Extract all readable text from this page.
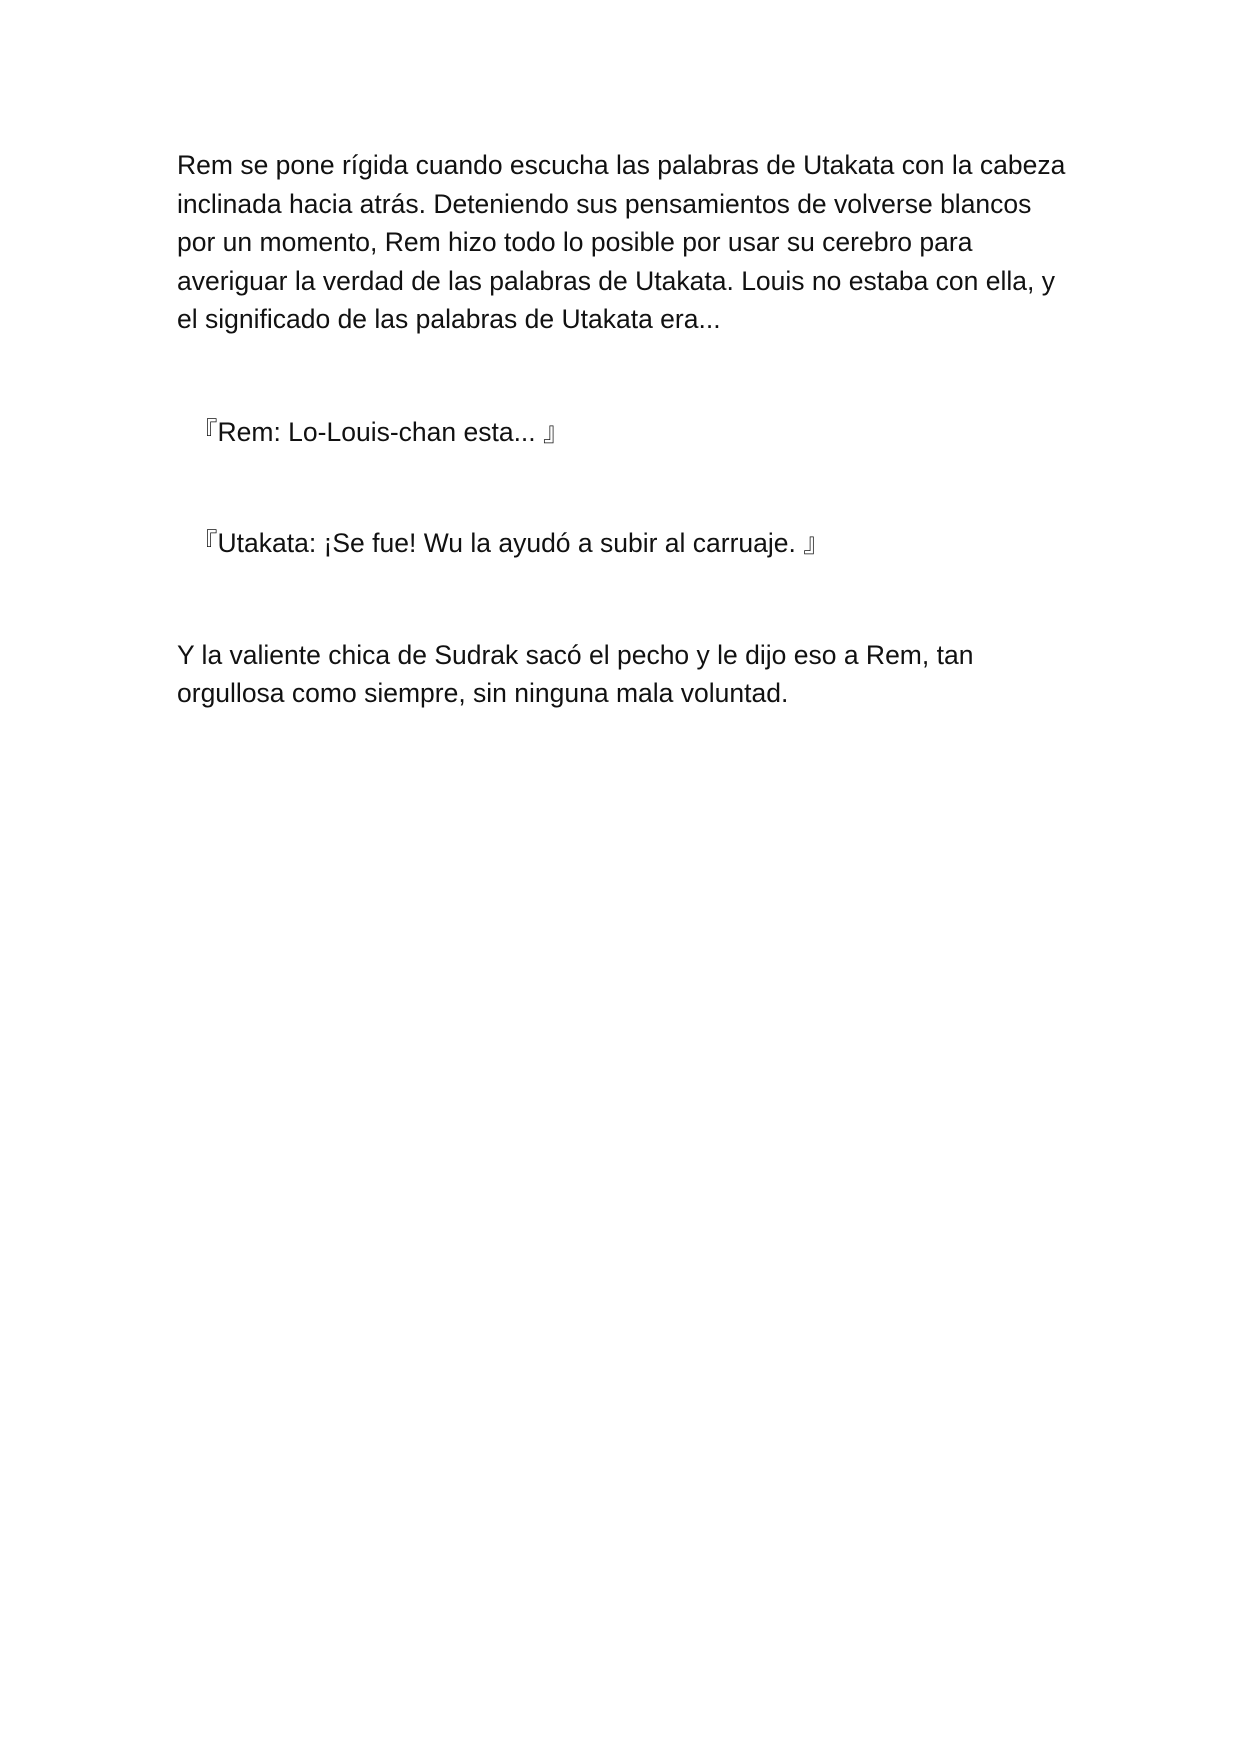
Rem se pone rígida cuando escucha las palabras de Utakata con la cabeza
inclinada hacia atrás. Deteniendo sus pensamientos de volverse blancos
por un momento, Rem hizo todo lo posible por usar su cerebro para
averiguar la verdad de las palabras de Utakata. Louis no estaba con ella, y
el significado de las palabras de Utakata era...

『Rem: Lo-Louis-chan esta... 』

『Utakata: ¡Se fue! Wu la ayudó a subir al carruaje. 』

Y la valiente chica de Sudrak sacó el pecho y le dijo eso a Rem, tan
orgullosa como siempre, sin ninguna mala voluntad.
